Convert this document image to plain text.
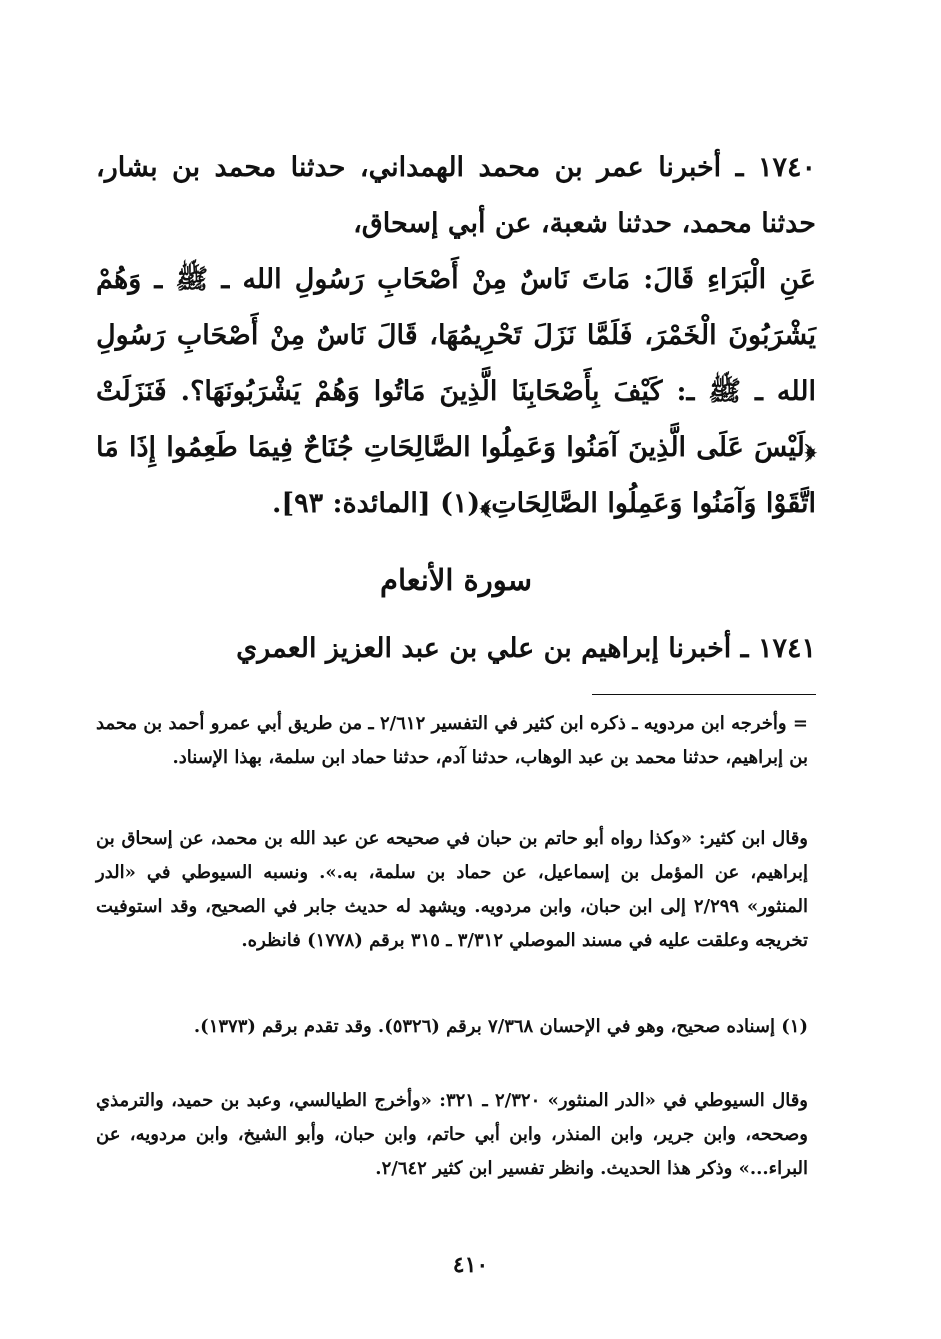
١٧٤٠ ـ أخبرنا عمر بن محمد الهمداني، حدثنا محمد بن بشار، حدثنا محمد، حدثنا شعبة، عن أبي إسحاق،
عَنِ الْبَرَاءِ قَالَ: مَاتَ نَاسٌ مِنْ أَصْحَابِ رَسُولِ الله ـ ﷺ ـ وَهُمْ يَشْرَبُونَ الْخَمْرَ، فَلَمَّا نَزَلَ تَحْرِيمُهَا، قَالَ نَاسٌ مِنْ أَصْحَابِ رَسُولِ الله ـ ﷺ ـ: كَيْفَ بِأَصْحَابِنَا الَّذِينَ مَاتُوا وَهُمْ يَشْرَبُونَهَا؟. فَنَزَلَتْ ﴿لَيْسَ عَلَى الَّذِينَ آمَنُوا وَعَمِلُوا الصَّالِحَاتِ جُنَاحٌ فِيمَا طَعِمُوا إِذَا مَا اتَّقَوْا وَآمَنُوا وَعَمِلُوا الصَّالِحَاتِ﴾(١) [المائدة: ٩٣].
سورة الأنعام
١٧٤١ ـ أخبرنا إبراهيم بن علي بن عبد العزيز العمري
= وأخرجه ابن مردويه ـ ذكره ابن كثير في التفسير ٢/٦١٢ ـ من طريق أبي عمرو أحمد بن محمد بن إبراهيم، حدثنا محمد بن عبد الوهاب، حدثنا آدم، حدثنا حماد ابن سلمة، بهذا الإسناد.
وقال ابن كثير: «وكذا رواه أبو حاتم بن حبان في صحيحه عن عبد الله بن محمد، عن إسحاق بن إبراهيم، عن المؤمل بن إسماعيل، عن حماد بن سلمة، به.». ونسبه السيوطي في «الدر المنثور» ٢/٢٩٩ إلى ابن حبان، وابن مردويه. ويشهد له حديث جابر في الصحيح، وقد استوفيت تخريجه وعلقت عليه في مسند الموصلي ٣/٣١٢ ـ ٣١٥ برقم (١٧٧٨) فانظره.
(١) إسناده صحيح، وهو في الإحسان ٧/٣٦٨ برقم (٥٣٢٦). وقد تقدم برقم (١٣٧٣).
وقال السيوطي في «الدر المنثور» ٢/٣٢٠ ـ ٣٢١: «وأخرج الطيالسي، وعبد بن حميد، والترمذي وصححه، وابن جرير، وابن المنذر، وابن أبي حاتم، وابن حبان، وأبو الشيخ، وابن مردويه، عن البراء...» وذكر هذا الحديث. وانظر تفسير ابن كثير ٢/٦٤٢.
٤١٠
